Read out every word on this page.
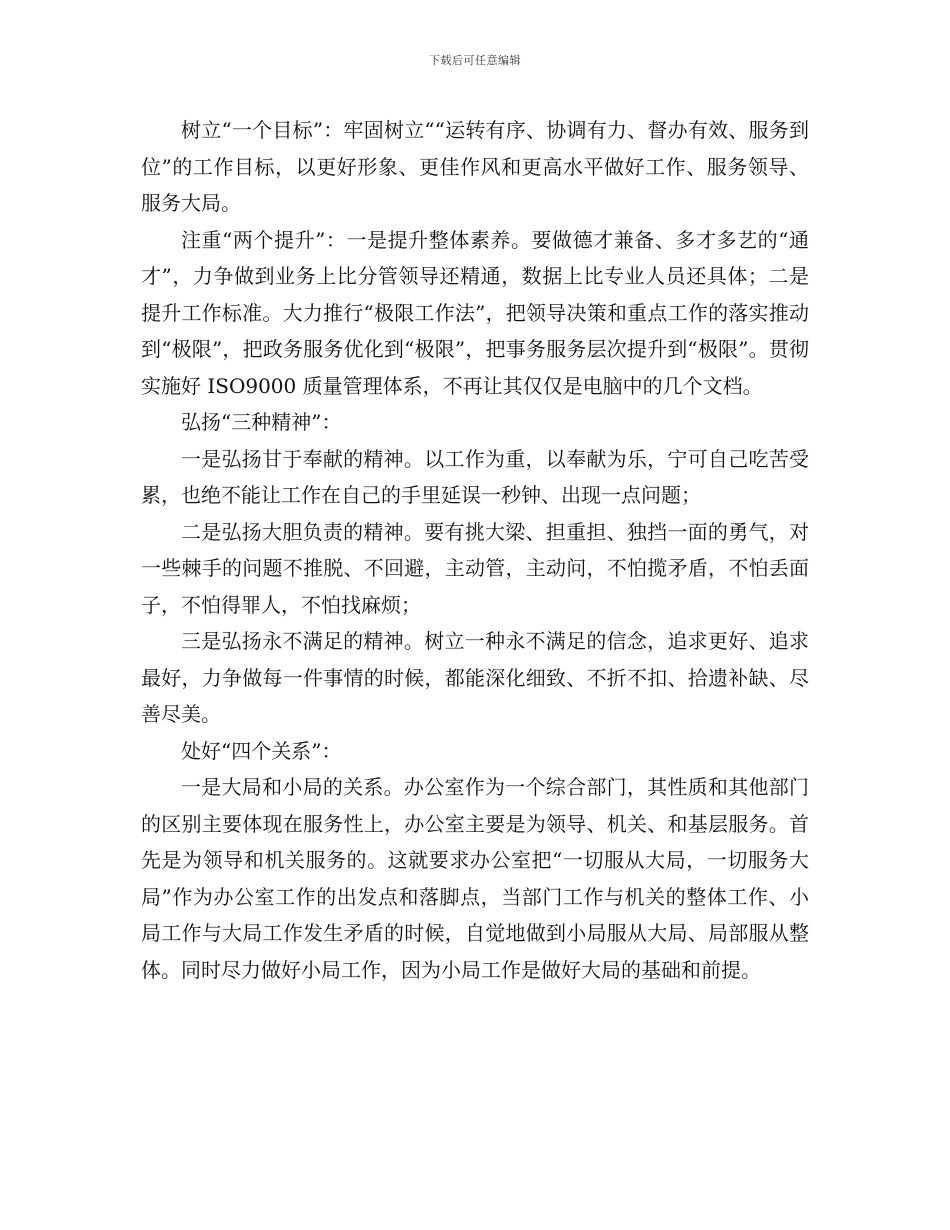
下载后可任意编辑

树立“一个目标”：牢固树立““运转有序、协调有力、督办有效、服务到位”的工作目标，以更好形象、更佳作风和更高水平做好工作、服务领导、服务大局。

注重“两个提升”：一是提升整体素养。要做德才兼备、多才多艺的“通才”，力争做到业务上比分管领导还精通，数据上比专业人员还具体；二是提升工作标准。大力推行“极限工作法”，把领导决策和重点工作的落实推动到“极限”，把政务服务优化到“极限”，把事务服务层次提升到“极限”。贯彻实施好 ISO9000 质量管理体系，不再让其仅仅是电脑中的几个文档。

弘扬“三种精神”：

一是弘扬甘于奉献的精神。以工作为重，以奉献为乐，宁可自己吃苦受累，也绝不能让工作在自己的手里延误一秒钟、出现一点问题；

二是弘扬大胆负责的精神。要有挑大梁、担重担、独挡一面的勇气，对一些棘手的问题不推脱、不回避，主动管，主动问，不怕揽矛盾，不怕丢面子，不怕得罪人，不怕找麻烦；

三是弘扬永不满足的精神。树立一种永不满足的信念，追求更好、追求最好，力争做每一件事情的时候，都能深化细致、不折不扣、拾遗补缺、尽善尽美。

处好“四个关系”：

一是大局和小局的关系。办公室作为一个综合部门，其性质和其他部门的区别主要体现在服务性上，办公室主要是为领导、机关、和基层服务。首先是为领导和机关服务的。这就要求办公室把“一切服从大局，一切服务大局”作为办公室工作的出发点和落脚点，当部门工作与机关的整体工作、小局工作与大局工作发生矛盾的时候，自觉地做到小局服从大局、局部服从整体。同时尽力做好小局工作，因为小局工作是做好大局的基础和前提。
